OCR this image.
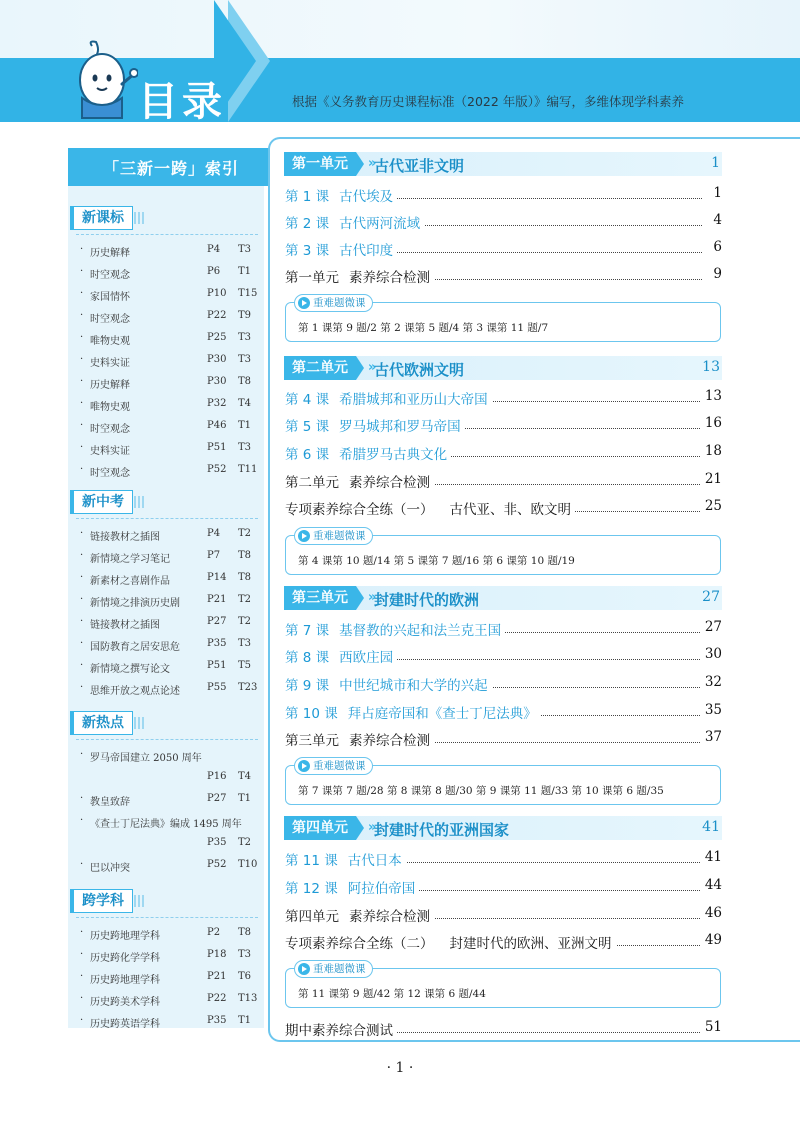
目录	根据《义务教育历史课程标准（2022 年版）》编写，多维体现学科素养
「三新一跨」索引
新课标
· 历史解释	P4 T3
· 时空观念	P6 T1
· 家国情怀	P10 T15
· 时空观念	P22 T9
· 唯物史观	P25 T3
· 史料实证	P30 T3
· 历史解释	P30 T8
· 唯物史观	P32 T4
· 时空观念	P46 T1
· 史料实证	P51 T3
· 时空观念	P52 T11
新中考
· 链接教材之插图	P4 T2
· 新情境之学习笔记	P7 T8
· 新素材之喜剧作品	P14 T8
· 新情境之排演历史剧	P21 T2
· 链接教材之插图	P27 T2
· 国防教育之居安思危	P35 T3
· 新情境之撰写论文	P51 T5
· 思维开放之观点论述	P55 T23
新热点
· 罗马帝国建立 2050 周年
P16 T4
· 教皇致辞	P27 T1
· 《查士丁尼法典》编成 1495 周年
P35 T2
· 巴以冲突	P52 T10
跨学科
· 历史跨地理学科	P2 T8
· 历史跨化学学科	P18 T3
· 历史跨地理学科	P21 T6
· 历史跨美术学科	P22 T13
· 历史跨英语学科	P35 T1
第一单元	»
古代亚非文明	1
第 1 课 古代埃及	1
第 2 课 古代两河流域	4
第 3 课 古代印度	6
第一单元 素养综合检测	9
重难题微课
第 1 课第 9 题/2 第 2 课第 5 题/4 第 3 课第 11 题/7
第二单元	»
古代欧洲文明	13
第 4 课 希腊城邦和亚历山大帝国	13
第 5 课 罗马城邦和罗马帝国	16
第 6 课 希腊罗马古典文化	18
第二单元 素养综合检测	21
专项素养综合全练（一） 古代亚、非、欧文明	25
重难题微课
第 4 课第 10 题/14 第 5 课第 7 题/16 第 6 课第 10 题/19
第三单元	»
封建时代的欧洲	27
第 7 课 基督教的兴起和法兰克王国	27
第 8 课 西欧庄园	30
第 9 课 中世纪城市和大学的兴起	32
第 10 课 拜占庭帝国和《查士丁尼法典》	35
第三单元 素养综合检测	37
重难题微课
第 7 课第 7 题/28 第 8 课第 8 题/30 第 9 课第 11 题/33 第 10 课第 6 题/35
第四单元	»
封建时代的亚洲国家	41
第 11 课 古代日本	41
第 12 课 阿拉伯帝国	44
第四单元 素养综合检测	46
专项素养综合全练（二） 封建时代的欧洲、亚洲文明	49
重难题微课
第 11 课第 9 题/42 第 12 课第 6 题/44
期中素养综合测试	51
· 1 ·
